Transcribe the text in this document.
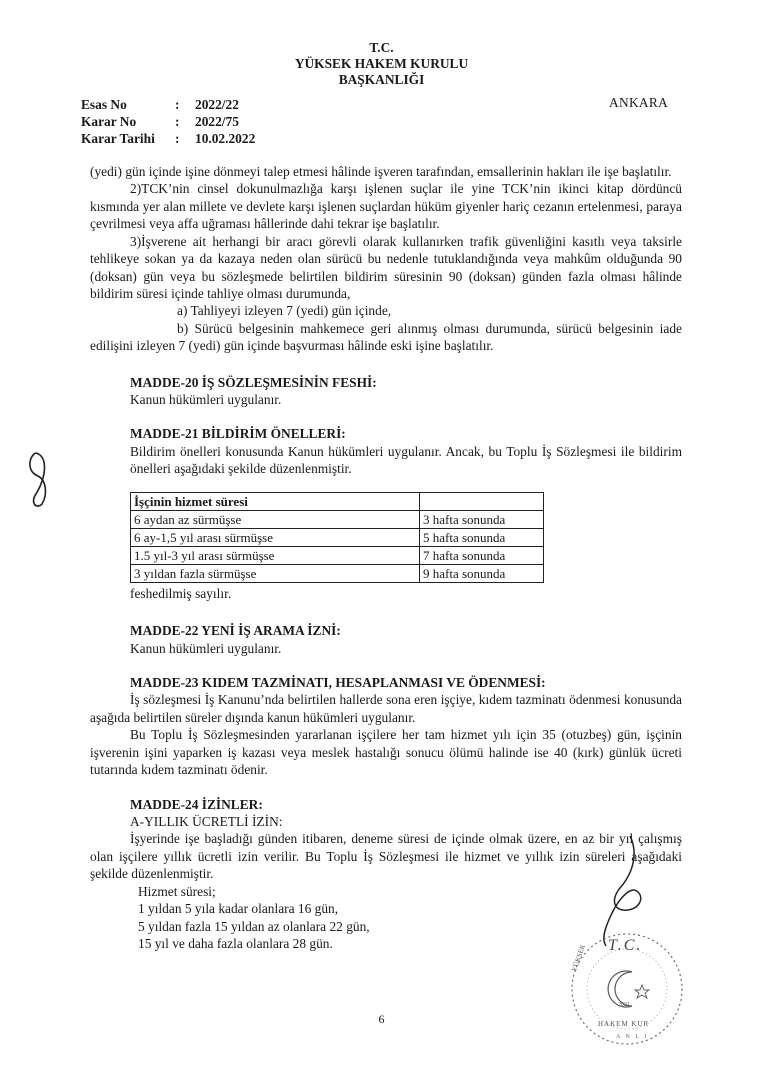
T.C.
YÜKSEK HAKEM KURULU
BAŞKANLIĞI
Esas No	:	2022/22
Karar No	:	2022/75
Karar Tarihi	:	10.02.2022
ANKARA

(yedi) gün içinde işine dönmeyi talep etmesi hâlinde işveren tarafından, emsallerinin hakları ile işe başlatılır.

2)TCK’nin cinsel dokunulmazlığa karşı işlenen suçlar ile yine TCK’nin ikinci kitap dördüncü kısmında yer alan millete ve devlete karşı işlenen suçlardan hüküm giyenler hariç cezanın ertelenmesi, paraya çevrilmesi veya affa uğraması hâllerinde dahi tekrar işe başlatılır.

3)İşverene ait herhangi bir aracı görevli olarak kullanırken trafik güvenliğini kasıtlı veya taksirle tehlikeye sokan ya da kazaya neden olan sürücü bu nedenle tutuklandığında veya mahkûm olduğunda 90 (doksan) gün veya bu sözleşmede belirtilen bildirim süresinin 90 (doksan) günden fazla olması hâlinde bildirim süresi içinde tahliye olması durumunda,

a) Tahliyeyi izleyen 7 (yedi) gün içinde,

b) Sürücü belgesinin mahkemece geri alınmış olması durumunda, sürücü belgesinin iade edilişini izleyen 7 (yedi) gün içinde başvurması hâlinde eski işine başlatılır.

MADDE-20 İŞ SÖZLEŞMESİNİN FESHİ:

Kanun hükümleri uygulanır.

MADDE-21 BİLDİRİM ÖNELLERİ:

Bildirim önelleri konusunda Kanun hükümleri uygulanır. Ancak, bu Toplu İş Sözleşmesi ile bildirim önelleri aşağıdaki şekilde düzenlenmiştir.

İşçinin hizmet süresi	
6 aydan az sürmüşse	3 hafta sonunda
6 ay-1,5 yıl arası sürmüşse	5 hafta sonunda
1.5 yıl-3 yıl arası sürmüşse	7 hafta sonunda
3 yıldan fazla sürmüşse	9 hafta sonunda

feshedilmiş sayılır.

MADDE-22 YENİ İŞ ARAMA İZNİ:

Kanun hükümleri uygulanır.

MADDE-23 KIDEM TAZMİNATI, HESAPLANMASI VE ÖDENMESİ:

İş sözleşmesi İş Kanunu’nda belirtilen hallerde sona eren işçiye, kıdem tazminatı ödenmesi konusunda aşağıda belirtilen süreler dışında kanun hükümleri uygulanır.

Bu Toplu İş Sözleşmesinden yararlanan işçilere her tam hizmet yılı için 35 (otuzbeş) gün, işçinin işverenin işini yaparken iş kazası veya meslek hastalığı sonucu ölümü halinde ise 40 (kırk) günlük ücreti tutarında kıdem tazminatı ödenir.

MADDE-24 İZİNLER:

A-YILLIK ÜCRETLİ İZİN:

İşyerinde işe başladığı günden itibaren, deneme süresi de içinde olmak üzere, en az bir yıl çalışmış olan işçilere yıllık ücretli izin verilir. Bu Toplu İş Sözleşmesi ile hizmet ve yıllık izin süreleri aşağıdaki şekilde düzenlenmiştir.

Hizmet süresi;

1 yıldan 5 yıla kadar olanlara 16 gün,

5 yıldan fazla 15 yıldan az olanlara 22 gün,

15 yıl ve daha fazla olanlara 28 gün.

6
T.C.
YÜKSEK
HAKEM KUR
A N L I
2021
